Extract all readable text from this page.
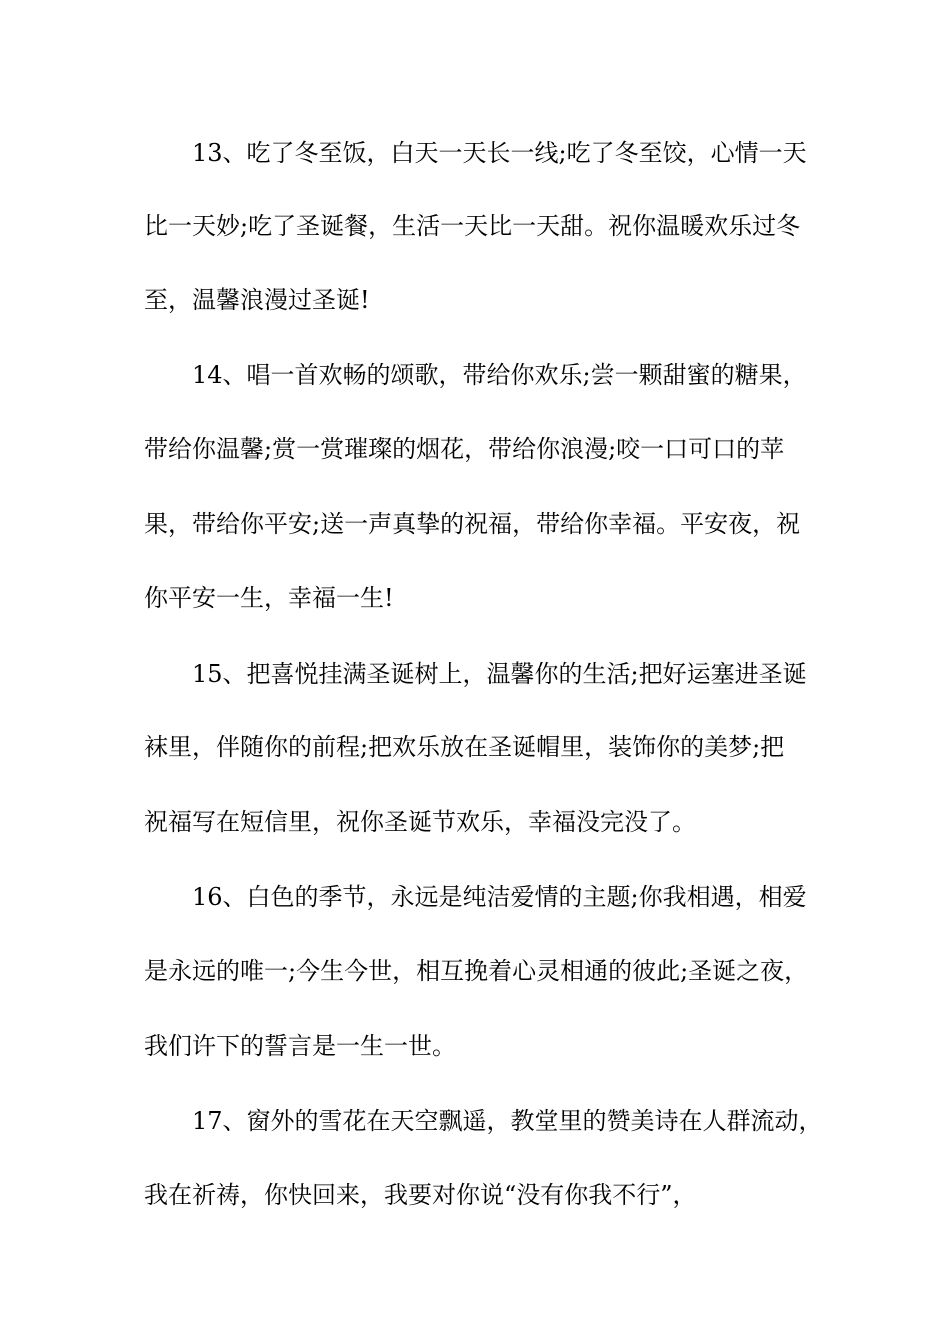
13、吃了冬至饭，白天一天长一线;吃了冬至饺，心情一天
比一天妙;吃了圣诞餐，生活一天比一天甜。祝你温暖欢乐过冬
至，温馨浪漫过圣诞!
14、唱一首欢畅的颂歌，带给你欢乐;尝一颗甜蜜的糖果，
带给你温馨;赏一赏璀璨的烟花，带给你浪漫;咬一口可口的苹
果，带给你平安;送一声真挚的祝福，带给你幸福。平安夜，祝
你平安一生，幸福一生!
15、把喜悦挂满圣诞树上，温馨你的生活;把好运塞进圣诞
袜里，伴随你的前程;把欢乐放在圣诞帽里，装饰你的美梦;把
祝福写在短信里，祝你圣诞节欢乐，幸福没完没了。
16、白色的季节，永远是纯洁爱情的主题;你我相遇，相爱
是永远的唯一;今生今世，相互挽着心灵相通的彼此;圣诞之夜，
我们许下的誓言是一生一世。
17、窗外的雪花在天空飘遥，教堂里的赞美诗在人群流动，
我在祈祷，你快回来，我要对你说“没有你我不行”，
